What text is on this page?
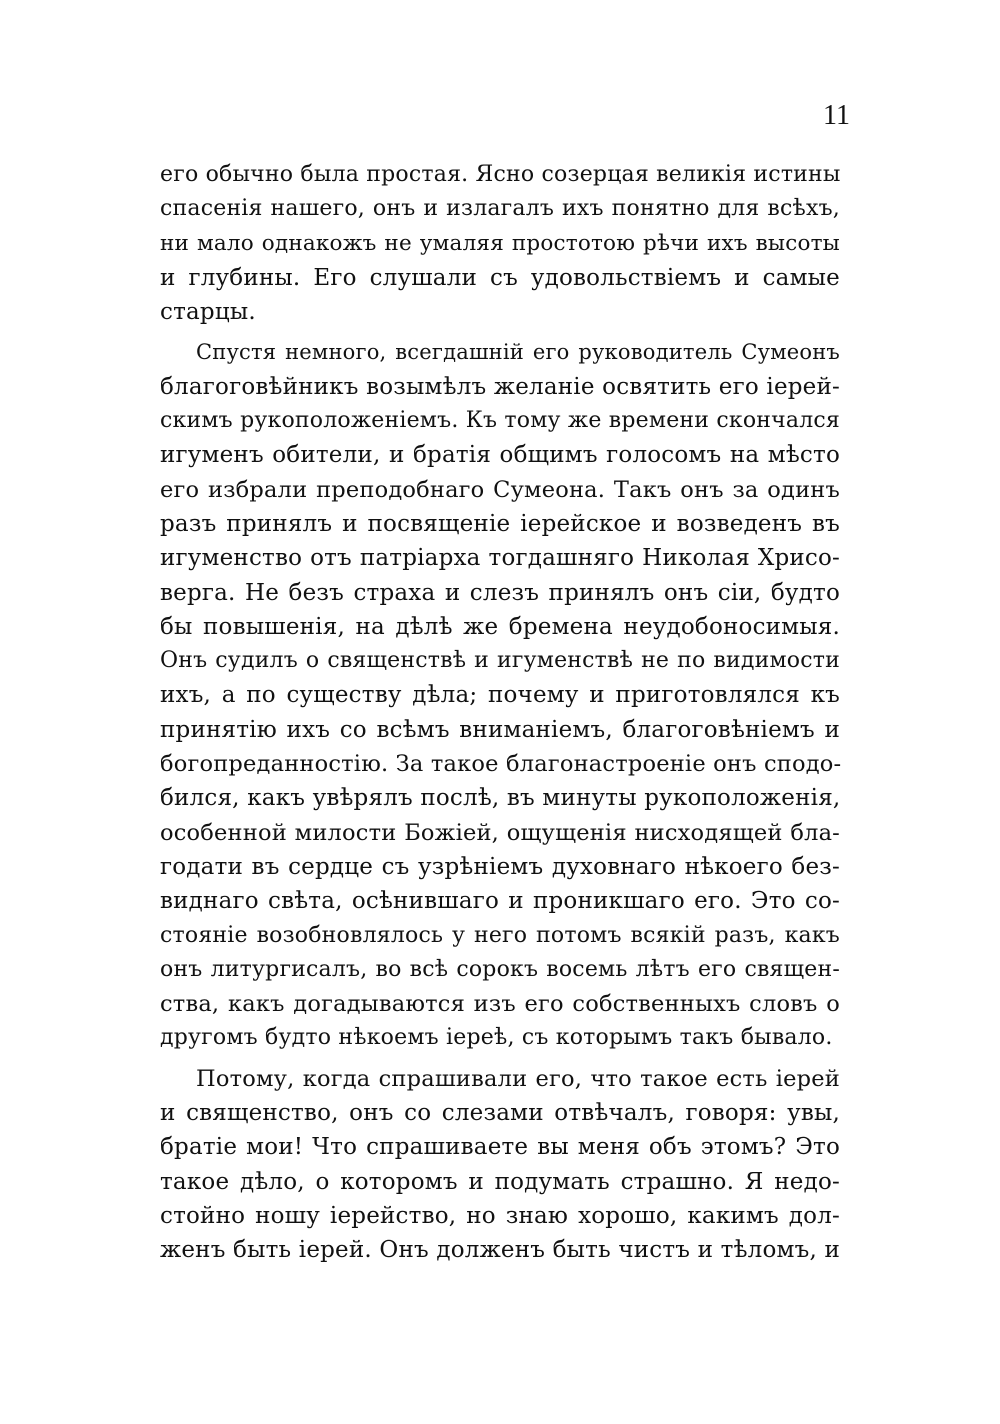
11
его обычно была простая. Ясно созерцая великія истины
спасенія нашего, онъ и излагалъ ихъ понятно для всѣхъ,
ни мало однакожъ не умаляя простотою рѣчи ихъ высоты
и глубины. Его слушали съ удовольствіемъ и самые
старцы.
Спустя немного, всегдашній его руководитель Сумеонъ
благоговѣйникъ возымѣлъ желаніе освятить его іерей-
скимъ рукоположеніемъ. Къ тому же времени скончался
игуменъ обители, и братія общимъ голосомъ на мѣсто
его избрали преподобнаго Сумеона. Такъ онъ за одинъ
разъ принялъ и посвященіе іерейское и возведенъ въ
игуменство отъ патріарха тогдашняго Николая Хрисо-
верга. Не безъ страха и слезъ принялъ онъ сіи, будто
бы повышенія, на дѣлѣ же бремена неудобоносимыя.
Онъ судилъ о священствѣ и игуменствѣ не по видимости
ихъ, а по существу дѣла; почему и приготовлялся къ
принятію ихъ со всѣмъ вниманіемъ, благоговѣніемъ и
богопреданностію. За такое благонастроеніе онъ сподо-
бился, какъ увѣрялъ послѣ, въ минуты рукоположенія,
особенной милости Божіей, ощущенія нисходящей бла-
годати въ сердце съ узрѣніемъ духовнаго нѣкоего без-
виднаго свѣта, осѣнившаго и проникшаго его. Это со-
стояніе возобновлялось у него потомъ всякій разъ, какъ
онъ литургисалъ, во всѣ сорокъ восемь лѣтъ его священ-
ства, какъ догадываются изъ его собственныхъ словъ о
другомъ будто нѣкоемъ іереѣ, съ которымъ такъ бывало.
Потому, когда спрашивали его, что такое есть іерей
и священство, онъ со слезами отвѣчалъ, говоря: увы,
братіе мои! Что спрашиваете вы меня объ этомъ? Это
такое дѣло, о которомъ и подумать страшно. Я недо-
стойно ношу іерейство, но знаю хорошо, какимъ дол-
женъ быть іерей. Онъ долженъ быть чистъ и тѣломъ, и
